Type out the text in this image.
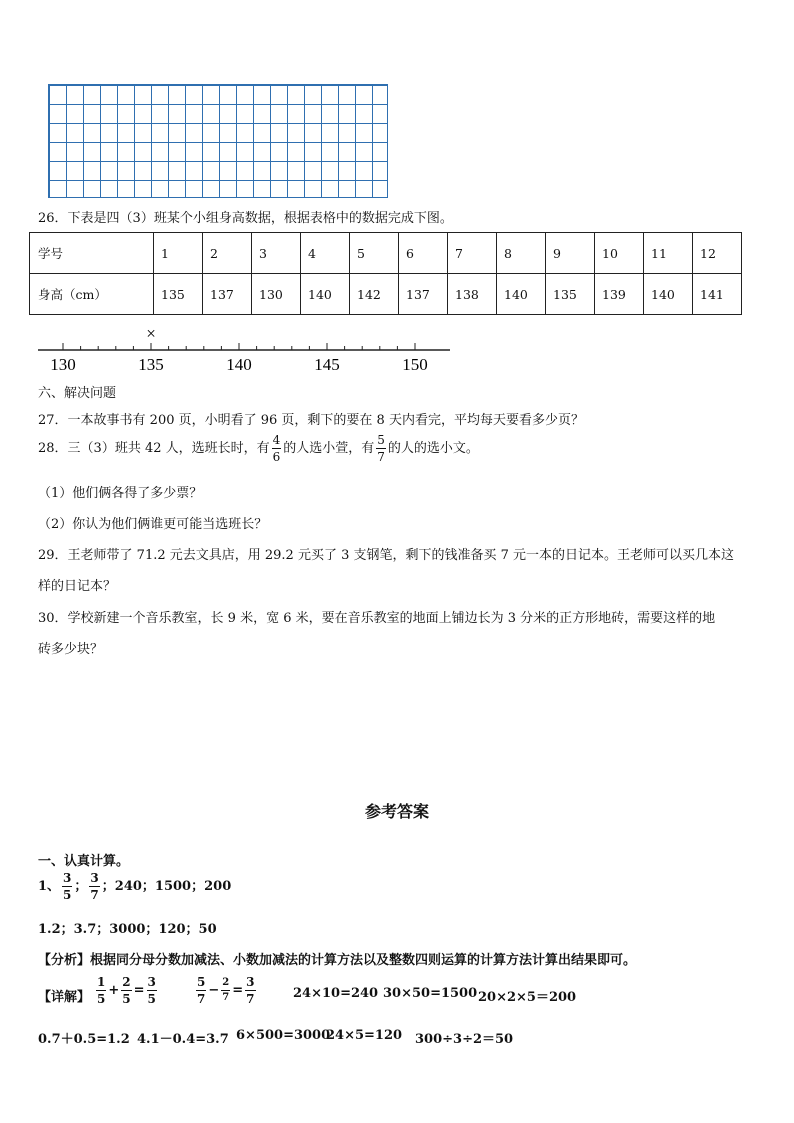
26．下表是四（3）班某个小组身高数据，根据表格中的数据完成下图。
学号	1	2	3	4	5	6	7	8	9	10	11	12
身高（cm）	135	137	130	140	142	137	138	140	135	139	140	141
130	135	140	145	150
×
六、解决问题
27．一本故事书有 200 页，小明看了 96 页，剩下的要在 8 天内看完，平均每天要看多少页？
28．三（3）班共 42 人，选班长时，有 $\frac{4}{6}$ 的人选小萱，有 $\frac{5}{7}$ 的人的选小文。
（1）他们俩各得了多少票？
（2）你认为他们俩谁更可能当选班长？
29．王老师带了 71.2 元去文具店，用 29.2 元买了 3 支钢笔，剩下的钱准备买 7 元一本的日记本。王老师可以买几本这
样的日记本？
30．学校新建一个音乐教室，长 9 米，宽 6 米，要在音乐教室的地面上铺边长为 3 分米的正方形地砖，需要这样的地
砖多少块？
参考答案
一、认真计算。
1、 $\frac{3}{5}$ ； $\frac{3}{7}$ ；240；1500；200
1.2；3.7；3000；120；50
【分析】根据同分母分数加减法、小数加减法的计算方法以及整数四则运算的计算方法计算出结果即可。
【详解】 $\frac{1}{5} + \frac{2}{5} = \frac{3}{5}$	$\frac{5}{7} - \frac{2}{7} = \frac{3}{7}$	24×10=240 30×50=1500 20×2×5＝200
0.7＋0.5=1.2 4.1－0.4=3.7 6×500=3000
24×5=120 300÷3÷2＝50
